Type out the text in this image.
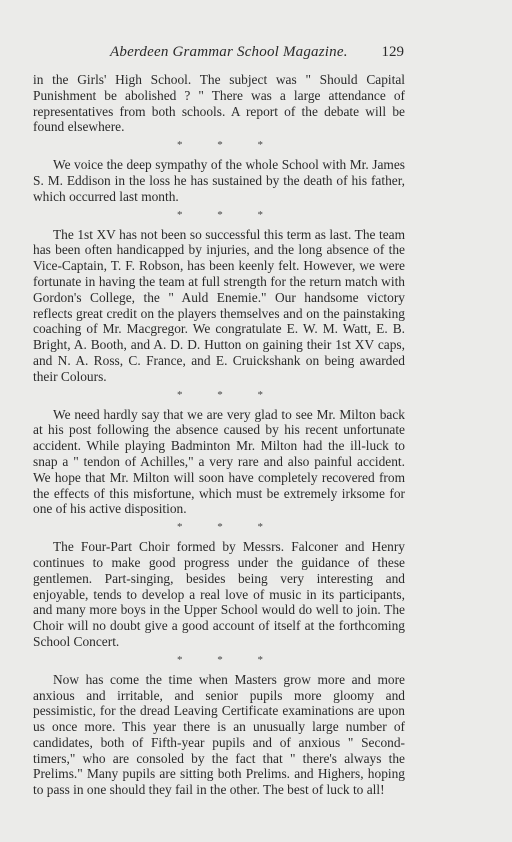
Aberdeen Grammar School Magazine. 129

in the Girls' High School. The subject was " Should Capital Punishment be abolished ? " There was a large attendance of representatives from both schools. A report of the debate will be found elsewhere.

* * *

We voice the deep sympathy of the whole School with Mr. James S. M. Eddison in the loss he has sustained by the death of his father, which occurred last month.

* * *

The 1st XV has not been so successful this term as last. The team has been often handicapped by injuries, and the long absence of the Vice-Captain, T. F. Robson, has been keenly felt. However, we were fortunate in having the team at full strength for the return match with Gordon's College, the " Auld Enemie." Our handsome victory reflects great credit on the players themselves and on the painstaking coaching of Mr. Macgregor. We congratulate E. W. M. Watt, E. B. Bright, A. Booth, and A. D. D. Hutton on gaining their 1st XV caps, and N. A. Ross, C. France, and E. Cruickshank on being awarded their Colours.

* * *

We need hardly say that we are very glad to see Mr. Milton back at his post following the absence caused by his recent unfortunate accident. While playing Badminton Mr. Milton had the ill-luck to snap a " tendon of Achilles," a very rare and also painful accident. We hope that Mr. Milton will soon have completely recovered from the effects of this misfortune, which must be extremely irksome for one of his active disposition.

* * *

The Four-Part Choir formed by Messrs. Falconer and Henry continues to make good progress under the guidance of these gentlemen. Part-singing, besides being very interesting and enjoyable, tends to develop a real love of music in its participants, and many more boys in the Upper School would do well to join. The Choir will no doubt give a good account of itself at the forthcoming School Concert.

* * *

Now has come the time when Masters grow more and more anxious and irritable, and senior pupils more gloomy and pessimistic, for the dread Leaving Certificate examinations are upon us once more. This year there is an unusually large number of candidates, both of Fifth-year pupils and of anxious " Second-timers," who are consoled by the fact that " there's always the Prelims." Many pupils are sitting both Prelims. and Highers, hoping to pass in one should they fail in the other. The best of luck to all!
